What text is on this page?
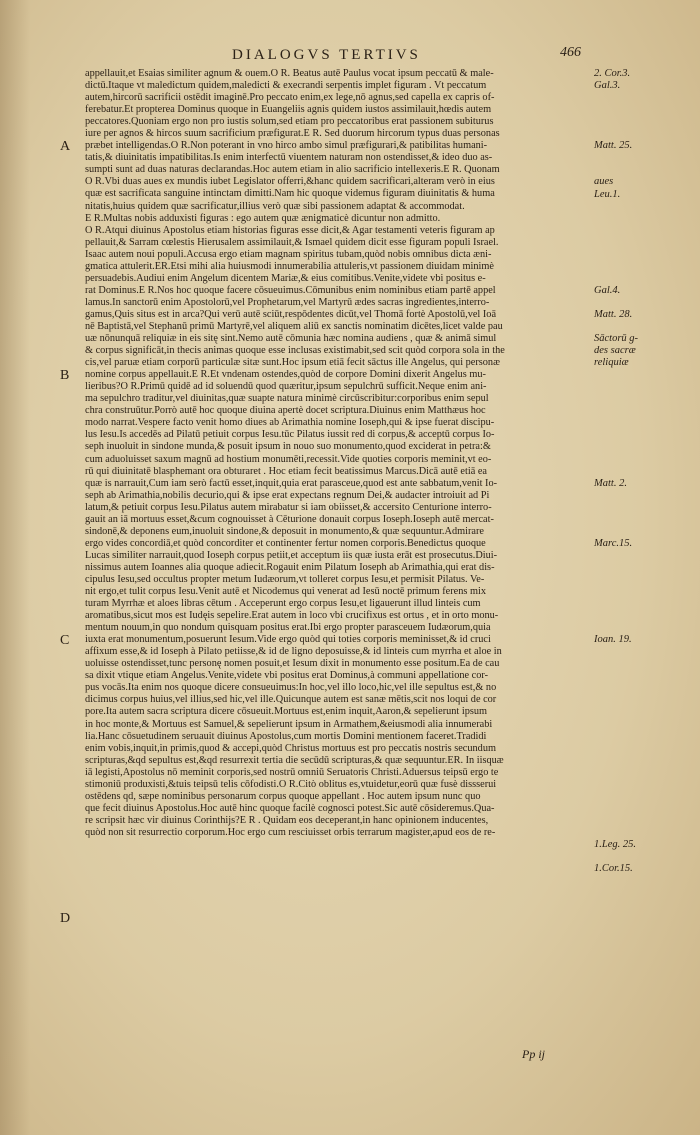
DIALOGVS TERTIVS	466
appellauit,et Esaias similiter agnum & ouem.O R. Beatus autē Paulus vocat ipsum peccatū & male-
dictū.Itaque vt maledictum quidem,maledicti & execrandi serpentis implet figuram . Vt peccatum
autem,hircorū sacrificii ostēdit imaginē.Pro peccato enim,ex lege,nō agnus,sed capella ex capris of-
ferebatur.Et propterea Dominus quoque in Euangeliis agnis quidem iustos assimilauit,hœdis autem
peccatores.Quoniam ergo non pro iustis solum,sed etiam pro peccatoribus erat passionem subiturus
iure per agnos & hircos suum sacrificium præfigurat.E R. Sed duorum hircorum typus duas personas
præbet intelligendas.O R.Non poterant in vno hirco ambo simul præfigurari,& patibilitas humani-
tatis,& diuinitatis impatibilitas.Is enim interfectū viuentem naturam non ostendisset,& ideo duo as-
sumpti sunt ad duas naturas declarandas.Hoc autem etiam in alio sacrificio intellexeris.E R. Quonam
O R.Vbi duas aues ex mundis iubet Legislator offerri,&hanc quidem sacrificari,alteram verò in eius
quæ est sacrificata sanguine intinctam dimitti.Nam hic quoque videmus figuram diuinitatis & huma
nitatis,huius quidem quæ sacrificatur,illius verò quæ sibi passionem adaptat & accommodat.
E R.Multas nobis adduxisti figuras : ego autem quæ ænigmaticè dicuntur non admitto.
O R.Atqui diuinus Apostolus etiam historias figuras esse dicit,& Agar testamenti veteris figuram ap
pellauit,& Sarram cœlestis Hierusalem assimilauit,& Ismael quidem dicit esse figuram populi Israel.
Isaac autem noui populi.Accusa ergo etiam magnam spiritus tubam,quòd nobis omnibus dicta æni-
gmatica attulerit.ER.Etsi mihi alia huiusmodi innumerabilia attuleris,vt passionem diuidam minimè
persuadebis.Audiui enim Angelum dicentem Mariæ,& eius comitibus.Venite,videte vbi positus e-
rat Dominus.E R.Nos hoc quoque facere cōsueuimus.Cōmunibus enim nominibus etiam partē appel
lamus.In sanctorū enim Apostolorū,vel Prophetarum,vel Martyrū ædes sacras ingredientes,interro-
gamus,Quis situs est in arca?Qui verū autē sciūt,respōdentes dicūt,vel Thomā fortè Apostolū,vel Ioā
nē Baptistā,vel Stephanū primū Martyrē,vel aliquem aliū ex sanctis nominatim dicētes,licet valde pau
uæ nōnunquā reliquiæ in eis sitę sint.Nemo autē cōmunia hæc nomina audiens , quæ & animā simul
& corpus significāt,in thecis animas quoque esse inclusas existimabit,sed scit quòd corpora sola in the
cis,vel paruæ etiam corporū particulæ sitæ sunt.Hoc ipsum etiā fecit sāctus ille Angelus, qui personæ
nomine corpus appellauit.E R.Et vndenam ostendes,quòd de corpore Domini dixerit Angelus mu-
lieribus?O R.Primū quidē ad id soluendū quod quæritur,ipsum sepulchrū sufficit.Neque enim ani-
ma sepulchro traditur,vel diuinitas,quæ suapte natura minimè circūscribitur:corporibus enim sepul
chra construūtur.Porrò autē hoc quoque diuina apertè docet scriptura.Diuinus enim Matthæus hoc
modo narrat.Vespere facto venit homo diues ab Arimathia nomine Ioseph,qui & ipse fuerat discipu-
lus Iesu.Is accedēs ad Pilatū petiuit corpus Iesu.tūc Pilatus iussit red di corpus,& acceptū corpus Io-
seph inuoluit in sindone munda,& posuit ipsum in nouo suo monumento,quod exciderat in petra:&
cum aduoluisset saxum magnū ad hostium monumēti,recessit.Vide quoties corporis meminit,vt eo-
rū qui diuinitatē blasphemant ora obturaret . Hoc etiam fecit beatissimus Marcus.Dicā autē etiā ea
quæ is narrauit,Cum iam serò factū esset,inquit,quia erat parasceue,quod est ante sabbatum,venit Io-
seph ab Arimathia,nobilis decurio,qui & ipse erat expectans regnum Dei,& audacter introiuit ad Pi
latum,& petiuit corpus Iesu.Pilatus autem mirabatur si iam obiisset,& accersito Centurione interro-
gauit an iā mortuus esset,&cum cognouisset à Cēturione donauit corpus Ioseph.Ioseph autē mercat-
sindonē,& deponens eum,inuoluit sindone,& deposuit in monumento,& quæ sequuntur.Admirare
ergo vides concordiā,et quòd concorditer et continenter fertur nomen corporis.Benedictus quoque
Lucas similiter narrauit,quod Ioseph corpus petiit,et acceptum iis quæ iusta erāt est prosecutus.Diui-
nissimus autem Ioannes alia quoque adiecit.Rogauit enim Pilatum Ioseph ab Arimathia,qui erat dis-
cipulus Iesu,sed occultus propter metum Iudæorum,vt tolleret corpus Iesu,et permisit Pilatus. Ve-
nit ergo,et tulit corpus Iesu.Venit autē et Nicodemus qui venerat ad Iesū noctē primum ferens mix
turam Myrrhæ et aloes libras cētum . Acceperunt ergo corpus Iesu,et ligauerunt illud linteis cum
aromatibus,sicut mos est Iudęis sepelire.Erat autem in loco vbi crucifixus est ortus , et in orto monu-
mentum nouum,in quo nondum quisquam positus erat.Ibi ergo propter parasceuem Iudæorum,quia
iuxta erat monumentum,posuerunt Iesum.Vide ergo quòd qui toties corporis meminisset,& id cruci
affixum esse,& id Ioseph à Pilato petiisse,& id de ligno deposuisse,& id linteis cum myrrha et aloe in
uoluisse ostendisset,tunc personę nomen posuit,et Iesum dixit in monumento esse positum.Ea de cau
sa dixit vtique etiam Angelus.Venite,videte vbi positus erat Dominus,à communi appellatione cor-
pus vocās.Ita enim nos quoque dicere consueuimus:In hoc,vel illo loco,hic,vel ille sepultus est,& no
dicimus corpus huius,vel illius,sed hic,vel ille.Quicunque autem est sanæ mētis,scit nos loqui de cor
pore.Ita autem sacra scriptura dicere cōsueuit.Mortuus est,enim inquit,Aaron,& sepelierunt ipsum
in hoc monte,& Mortuus est Samuel,& sepelierunt ipsum in Armathem,&eiusmodi alia innumerabi
lia.Hanc cōsuetudinem seruauit diuinus Apostolus,cum mortis Domini mentionem faceret.Tradidi
enim vobis,inquit,in primis,quod & accepi,quòd Christus mortuus est pro peccatis nostris secundum
scripturas,&qd sepultus est,&qd resurrexit tertia die secūdū scripturas,& quæ sequuntur.ER. In iisquæ
iā legisti,Apostolus nō meminit corporis,sed nostrū omniū Seruatoris Christi.Aduersus teipsū ergo te
stimoniū produxisti,&tuis teipsū telis cōfodisti.O R.Citò oblitus es,vtuidetur,eorū quæ fusè dissserui
ostēdens qd, sæpe nominibus personarum corpus quoque appellant . Hoc autem ipsum nunc quo
que fecit diuinus Apostolus.Hoc autē hinc quoque facilè cognosci potest.Sic autē cōsideremus.Qua-
re scripsit hæc vir diuinus Corinthijs?E R . Quidam eos deceperant,in hanc opinionem inducentes,
quòd non sit resurrectio corporum.Hoc ergo cum resciuisset orbis terrarum magister,apud eos de re-
A
B
C
D
2. Cor.3.
Gal.3.
Matt. 25.
aues
Leu.1.
Gal.4.
Matt. 28.
Sāctorū g-
des sacræ
reliquiæ
Matt. 2.
Marc.15.
Ioan. 19.
1.Leg. 25.
1.Cor.15.
Pp ij
